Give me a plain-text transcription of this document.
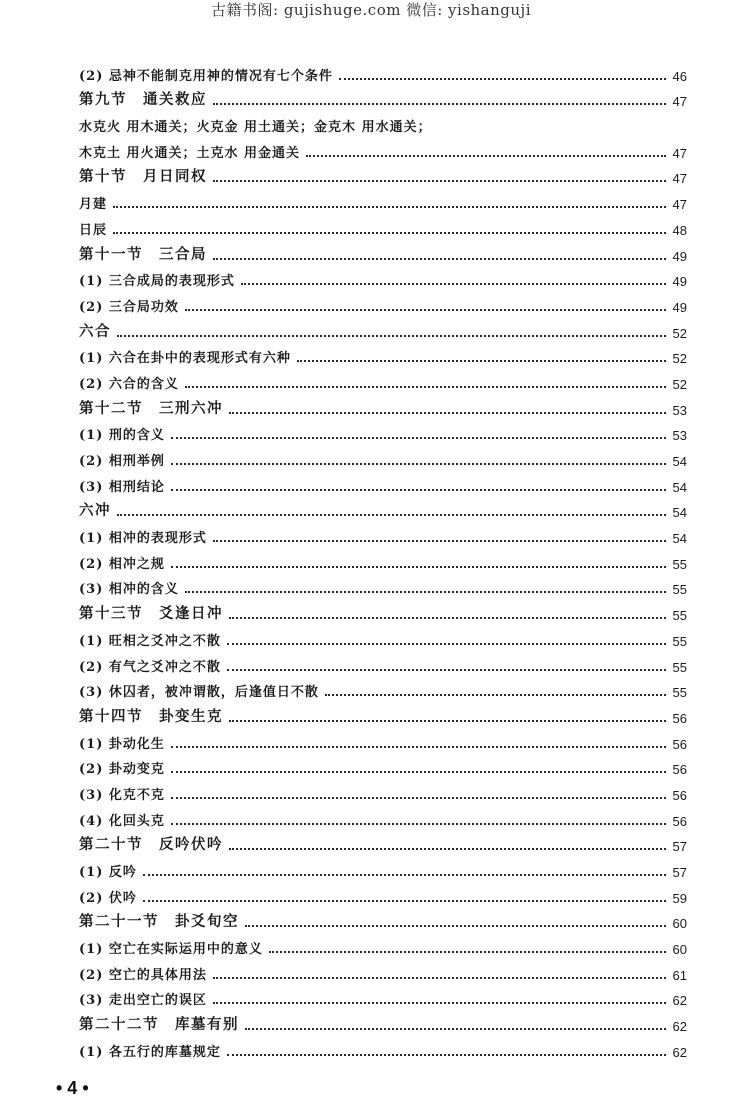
古籍书阁: gujishuge.com 微信: yishanguji
(2) 忌神不能制克用神的情况有七个条件	46
第九节　通关救应	47
水克火 用木通关；火克金 用土通关；金克木 用水通关；
木克土 用火通关；土克水 用金通关	47
第十节　月日同权	47
月建	47
日辰	48
第十一节　三合局	49
(1) 三合成局的表现形式	49
(2) 三合局功效	49
六合	52
(1) 六合在卦中的表现形式有六种	52
(2) 六合的含义	52
第十二节　三刑六冲	53
(1) 刑的含义	53
(2) 相刑举例	54
(3) 相刑结论	54
六冲	54
(1) 相冲的表现形式	54
(2) 相冲之规	55
(3) 相冲的含义	55
第十三节　爻逢日冲	55
(1) 旺相之爻冲之不散	55
(2) 有气之爻冲之不散	55
(3) 休囚者，被冲谓散，后逢值日不散	55
第十四节　卦变生克	56
(1) 卦动化生	56
(2) 卦动变克	56
(3) 化克不克	56
(4) 化回头克	56
第二十节　反吟伏吟	57
(1) 反吟	57
(2) 伏吟	59
第二十一节　卦爻旬空	60
(1) 空亡在实际运用中的意义	60
(2) 空亡的具体用法	61
(3) 走出空亡的误区	62
第二十二节　库墓有别	62
(1) 各五行的库墓规定	62
• 4 •
